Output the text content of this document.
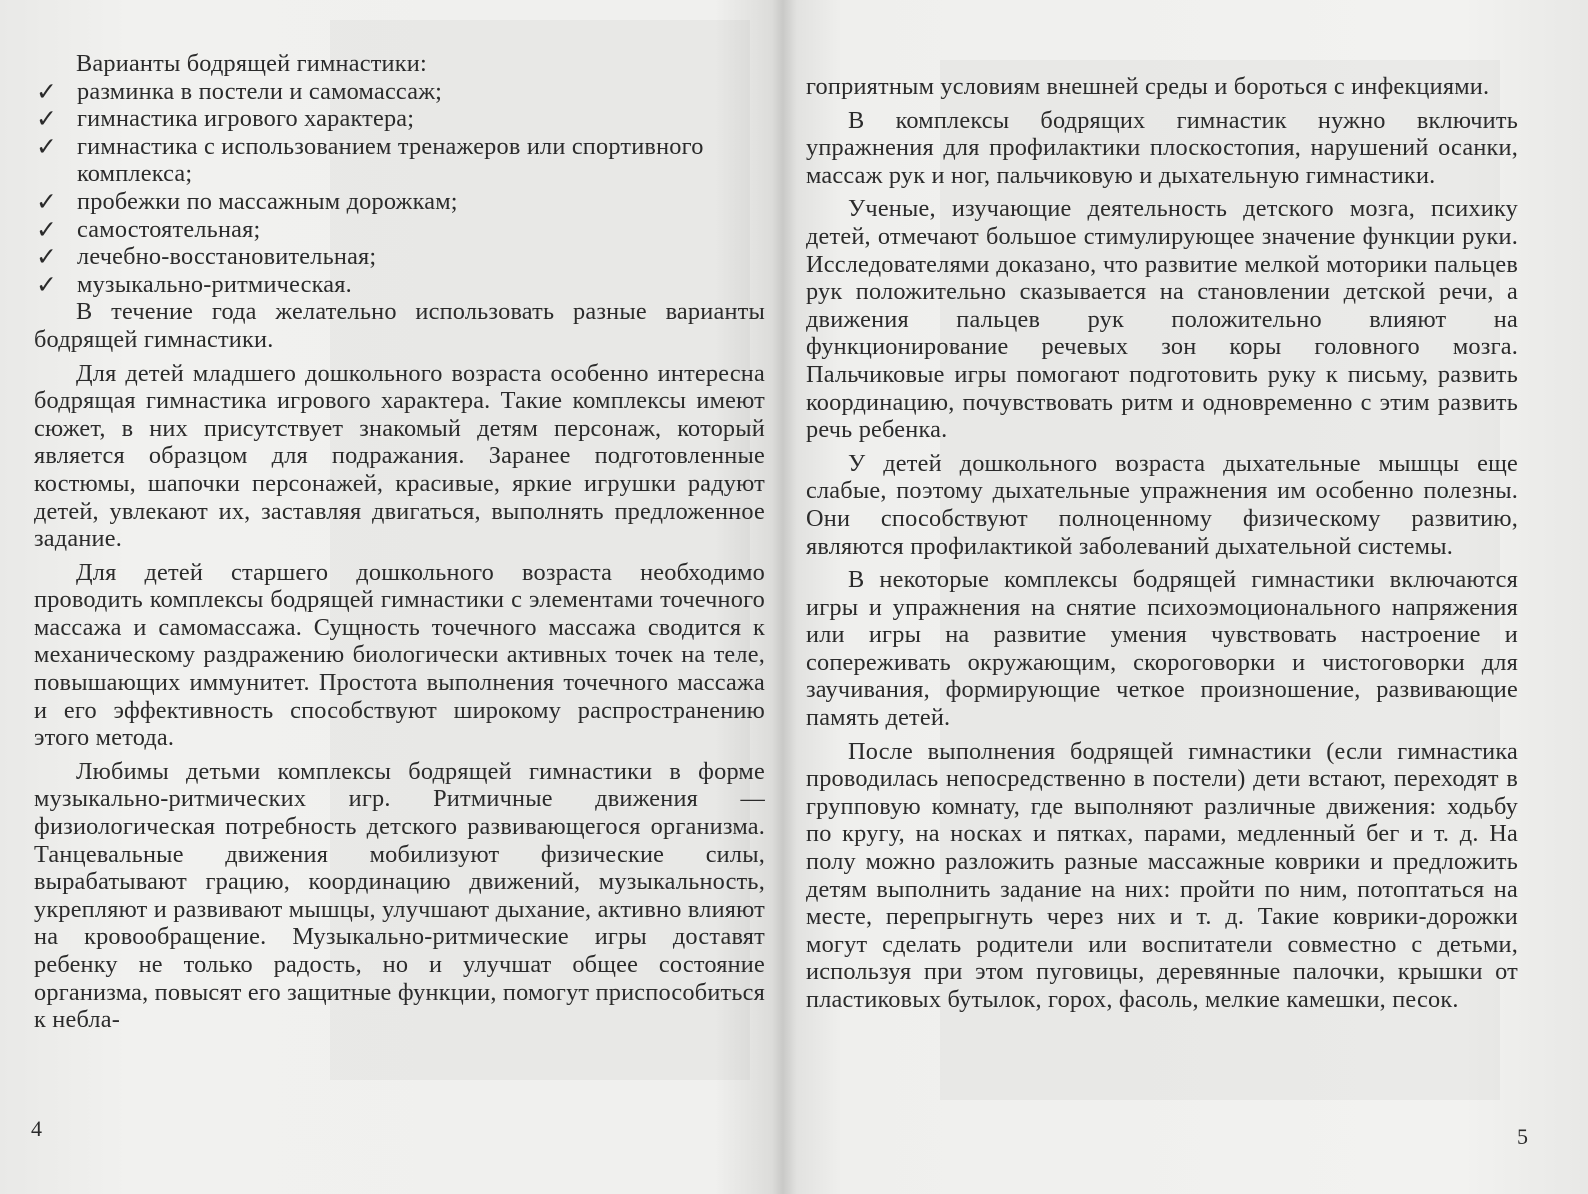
Варианты бодрящей гимнастики:

✓ разминка в постели и самомассаж;
✓ гимнастика игрового характера;
✓ гимнастика с использованием тренажеров или спортивного комплекса;
✓ пробежки по массажным дорожкам;
✓ самостоятельная;
✓ лечебно-восстановительная;
✓ музыкально-ритмическая.

В течение года желательно использовать разные варианты бодрящей гимнастики.

Для детей младшего дошкольного возраста особенно интересна бодрящая гимнастика игрового характера. Такие комплексы имеют сюжет, в них присутствует знакомый детям персонаж, который является образцом для подражания. Заранее подготовленные костюмы, шапочки персонажей, красивые, яркие игрушки радуют детей, увлекают их, заставляя двигаться, выполнять предложенное задание.

Для детей старшего дошкольного возраста необходимо проводить комплексы бодрящей гимнастики с элементами точечного массажа и самомассажа. Сущность точечного массажа сводится к механическому раздражению биологически активных точек на теле, повышающих иммунитет. Простота выполнения точечного массажа и его эффективность способствуют широкому распространению этого метода.

Любимы детьми комплексы бодрящей гимнастики в форме музыкально-ритмических игр. Ритмичные движения — физиологическая потребность детского развивающегося организма. Танцевальные движения мобилизуют физические силы, вырабатывают грацию, координацию движений, музыкальность, укрепляют и развивают мышцы, улучшают дыхание, активно влияют на кровообращение. Музыкально-ритмические игры доставят ребенку не только радость, но и улучшат общее состояние организма, повысят его защитные функции, помогут приспособиться к небла-

4

гоприятным условиям внешней среды и бороться с инфекциями.

В комплексы бодрящих гимнастик нужно включить упражнения для профилактики плоскостопия, нарушений осанки, массаж рук и ног, пальчиковую и дыхательную гимнастики.

Ученые, изучающие деятельность детского мозга, психику детей, отмечают большое стимулирующее значение функции руки. Исследователями доказано, что развитие мелкой моторики пальцев рук положительно сказывается на становлении детской речи, а движения пальцев рук положительно влияют на функционирование речевых зон коры головного мозга. Пальчиковые игры помогают подготовить руку к письму, развить координацию, почувствовать ритм и одновременно с этим развить речь ребенка.

У детей дошкольного возраста дыхательные мышцы еще слабые, поэтому дыхательные упражнения им особенно полезны. Они способствуют полноценному физическому развитию, являются профилактикой заболеваний дыхательной системы.

В некоторые комплексы бодрящей гимнастики включаются игры и упражнения на снятие психоэмоционального напряжения или игры на развитие умения чувствовать настроение и сопереживать окружающим, скороговорки и чистоговорки для заучивания, формирующие четкое произношение, развивающие память детей.

После выполнения бодрящей гимнастики (если гимнастика проводилась непосредственно в постели) дети встают, переходят в групповую комнату, где выполняют различные движения: ходьбу по кругу, на носках и пятках, парами, медленный бег и т. д. На полу можно разложить разные массажные коврики и предложить детям выполнить задание на них: пройти по ним, потоптаться на месте, перепрыгнуть через них и т. д. Такие коврики-дорожки могут сделать родители или воспитатели совместно с детьми, используя при этом пуговицы, деревянные палочки, крышки от пластиковых бутылок, горох, фасоль, мелкие камешки, песок.

5
